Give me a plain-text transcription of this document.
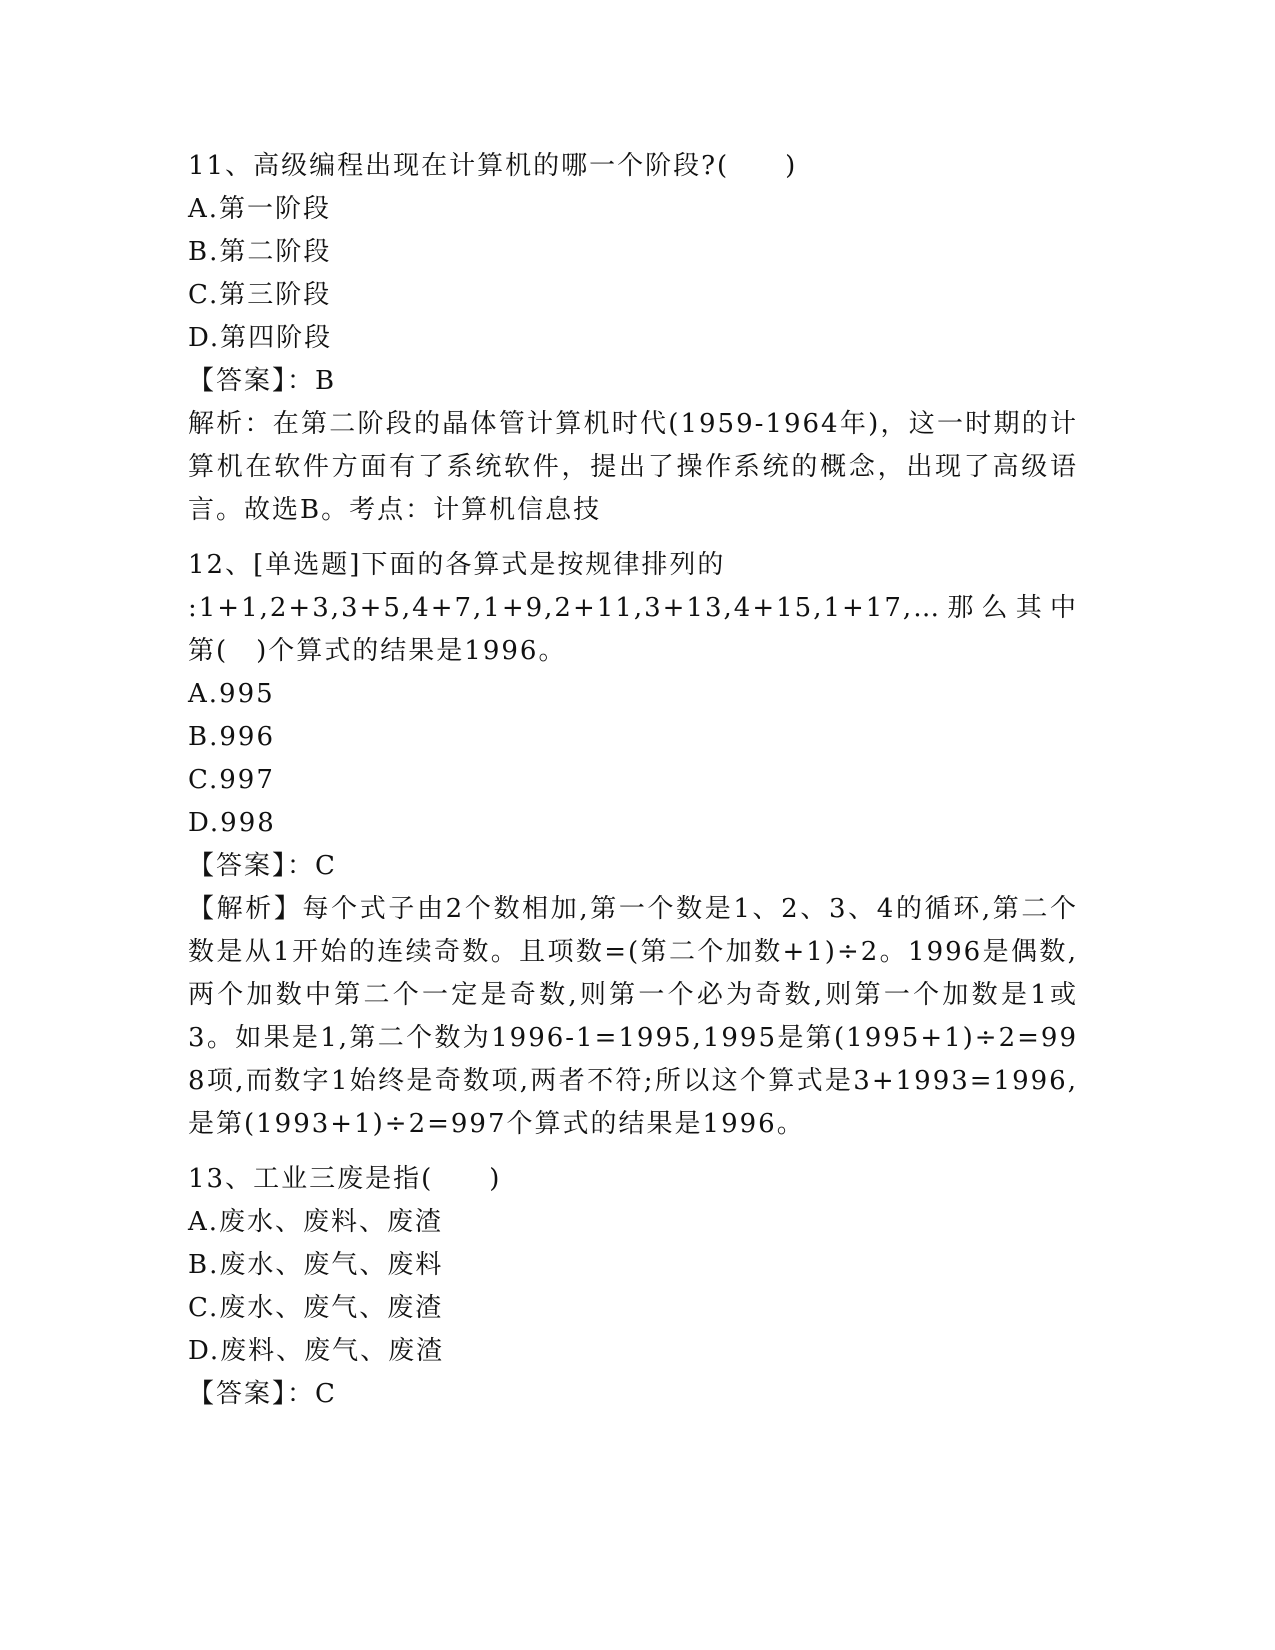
11、高级编程出现在计算机的哪一个阶段?(　　)

A.第一阶段

B.第二阶段

C.第三阶段

D.第四阶段

【答案】：B

解析：在第二阶段的晶体管计算机时代(1959-1964年)，这一时期的计算机在软件方面有了系统软件，提出了操作系统的概念，出现了高级语言。故选B。考点：计算机信息技

12、[单选题]下面的各算式是按规律排列的

:1+1,2+3,3+5,4+7,1+9,2+11,3+13,4+15,1+17,…那么其中第(　)个算式的结果是1996。

A.995

B.996

C.997

D.998

【答案】：C

【解析】每个式子由2个数相加,第一个数是1、2、3、4的循环,第二个数是从1开始的连续奇数。且项数=(第二个加数+1)÷2。1996是偶数,两个加数中第二个一定是奇数,则第一个必为奇数,则第一个加数是1或3。如果是1,第二个数为1996-1=1995,1995是第(1995+1)÷2=998项,而数字1始终是奇数项,两者不符;所以这个算式是3+1993=1996,是第(1993+1)÷2=997个算式的结果是1996。

13、工业三废是指(　　)

A.废水、废料、废渣

B.废水、废气、废料

C.废水、废气、废渣

D.废料、废气、废渣

【答案】：C
